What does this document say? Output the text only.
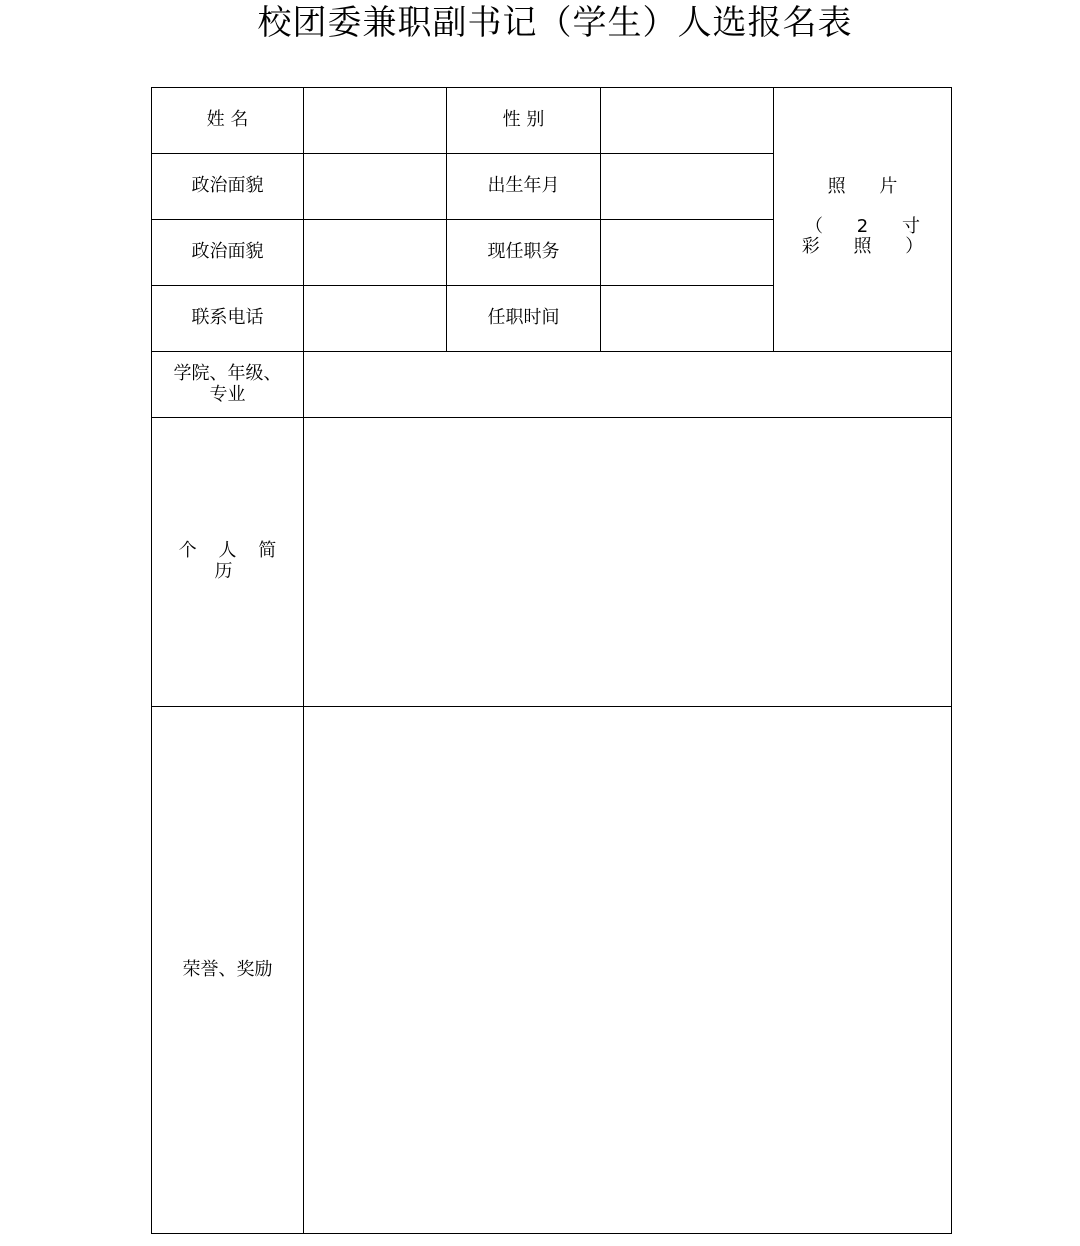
校团委兼职副书记（学生）人选报名表
姓 名		性 别		照 片
（ 2 寸 彩 照 ）

政治面貌		出生年月		
政治面貌		现任职务		
联系电话		任职时间		
学院、年级、
专业				
个 人 简 历				
荣誉、奖励				
